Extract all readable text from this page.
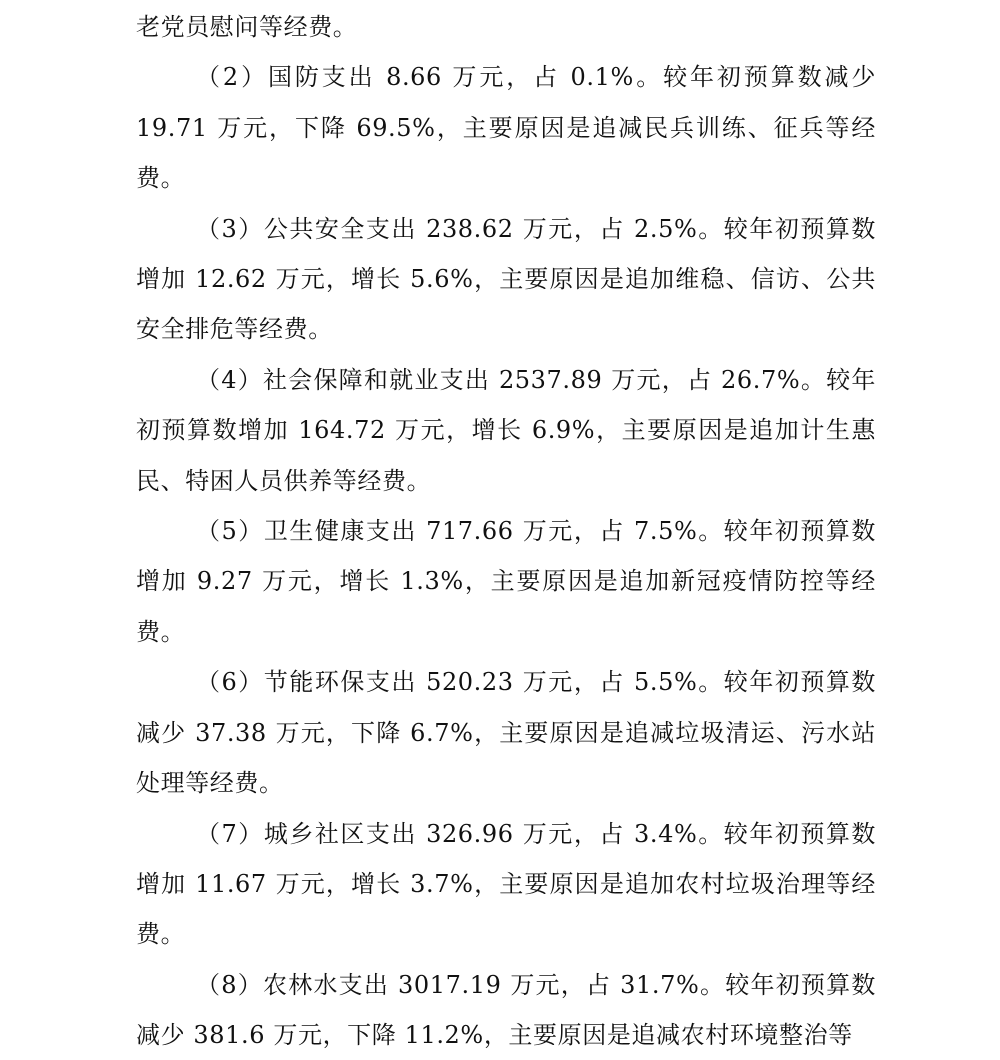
老党员慰问等经费。

（2）国防支出 8.66 万元，占 0.1%。较年初预算数减少 19.71 万元，下降 69.5%，主要原因是追减民兵训练、征兵等经费。

（3）公共安全支出 238.62 万元，占 2.5%。较年初预算数增加 12.62 万元，增长 5.6%，主要原因是追加维稳、信访、公共安全排危等经费。

（4）社会保障和就业支出 2537.89 万元，占 26.7%。较年初预算数增加 164.72 万元，增长 6.9%，主要原因是追加计生惠民、特困人员供养等经费。

（5）卫生健康支出 717.66 万元，占 7.5%。较年初预算数增加 9.27 万元，增长 1.3%，主要原因是追加新冠疫情防控等经费。

（6）节能环保支出 520.23 万元，占 5.5%。较年初预算数减少 37.38 万元，下降 6.7%，主要原因是追减垃圾清运、污水站处理等经费。

（7）城乡社区支出 326.96 万元，占 3.4%。较年初预算数增加 11.67 万元，增长 3.7%，主要原因是追加农村垃圾治理等经费。

（8）农林水支出 3017.19 万元，占 31.7%。较年初预算数减少 381.6 万元，下降 11.2%，主要原因是追减农村环境整治等
